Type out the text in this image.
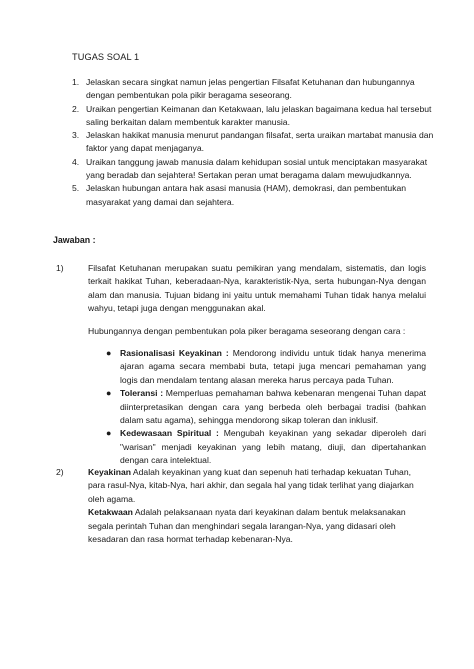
TUGAS SOAL 1
1. Jelaskan secara singkat namun jelas pengertian Filsafat Ketuhanan dan hubungannya dengan pembentukan pola pikir beragama seseorang.
2. Uraikan pengertian Keimanan dan Ketakwaan, lalu jelaskan bagaimana kedua hal tersebut saling berkaitan dalam membentuk karakter manusia.
3. Jelaskan hakikat manusia menurut pandangan filsafat, serta uraikan martabat manusia dan faktor yang dapat menjaganya.
4. Uraikan tanggung jawab manusia dalam kehidupan sosial untuk menciptakan masyarakat yang beradab dan sejahtera! Sertakan peran umat beragama dalam mewujudkannya.
5. Jelaskan hubungan antara hak asasi manusia (HAM), demokrasi, dan pembentukan masyarakat yang damai dan sejahtera.
Jawaban :
1)	Filsafat Ketuhanan merupakan suatu pemikiran yang mendalam, sistematis, dan logis terkait hakikat Tuhan, keberadaan-Nya, karakteristik-Nya, serta hubungan-Nya dengan alam dan manusia. Tujuan bidang ini yaitu untuk memahami Tuhan tidak hanya melalui wahyu, tetapi juga dengan menggunakan akal.
Hubungannya dengan pembentukan pola piker beragama seseorang dengan cara :
● Rasionalisasi Keyakinan : Mendorong individu untuk tidak hanya menerima ajaran agama secara membabi buta, tetapi juga mencari pemahaman yang logis dan mendalam tentang alasan mereka harus percaya pada Tuhan.
● Toleransi : Memperluas pemahaman bahwa kebenaran mengenai Tuhan dapat diinterpretasikan dengan cara yang berbeda oleh berbagai tradisi (bahkan dalam satu agama), sehingga mendorong sikap toleran dan inklusif.
● Kedewasaan Spiritual : Mengubah keyakinan yang sekadar diperoleh dari "warisan" menjadi keyakinan yang lebih matang, diuji, dan dipertahankan dengan cara intelektual.
2)	Keyakinan Adalah keyakinan yang kuat dan sepenuh hati terhadap kekuatan Tuhan, para rasul-Nya, kitab-Nya, hari akhir, dan segala hal yang tidak terlihat yang diajarkan oleh agama.
Ketakwaan Adalah pelaksanaan nyata dari keyakinan dalam bentuk melaksanakan segala perintah Tuhan dan menghindari segala larangan-Nya, yang didasari oleh kesadaran dan rasa hormat terhadap kebenaran-Nya.
